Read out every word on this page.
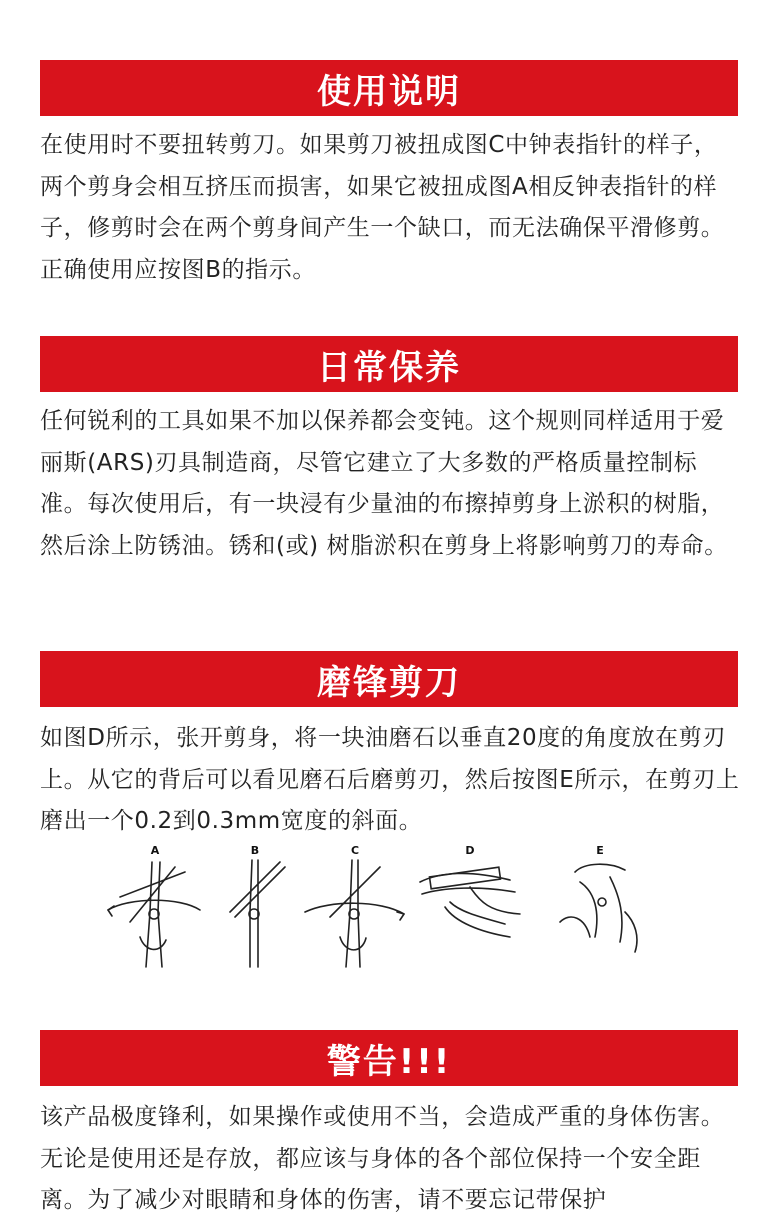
使用说明

在使用时不要扭转剪刀。如果剪刀被扭成图C中钟表指针的样子，两个剪身会相互挤压而损害，如果它被扭成图A相反钟表指针的样子，修剪时会在两个剪身间产生一个缺口，而无法确保平滑修剪。正确使用应按图B的指示。

日常保养

任何锐利的工具如果不加以保养都会变钝。这个规则同样适用于爱丽斯(ARS)刃具制造商，尽管它建立了大多数的严格质量控制标准。每次使用后，有一块浸有少量油的布擦掉剪身上淤积的树脂，然后涂上防锈油。锈和(或) 树脂淤积在剪身上将影响剪刀的寿命。

磨锋剪刀

如图D所示，张开剪身，将一块油磨石以垂直20度的角度放在剪刃上。从它的背后可以看见磨石后磨剪刃，然后按图E所示，在剪刃上磨出一个0.2到0.3mm宽度的斜面。

A	B	C	D	E
警告!!!

该产品极度锋利，如果操作或使用不当，会造成严重的身体伤害。无论是使用还是存放，都应该与身体的各个部位保持一个安全距离。为了减少对眼睛和身体的伤害，请不要忘记带保护
